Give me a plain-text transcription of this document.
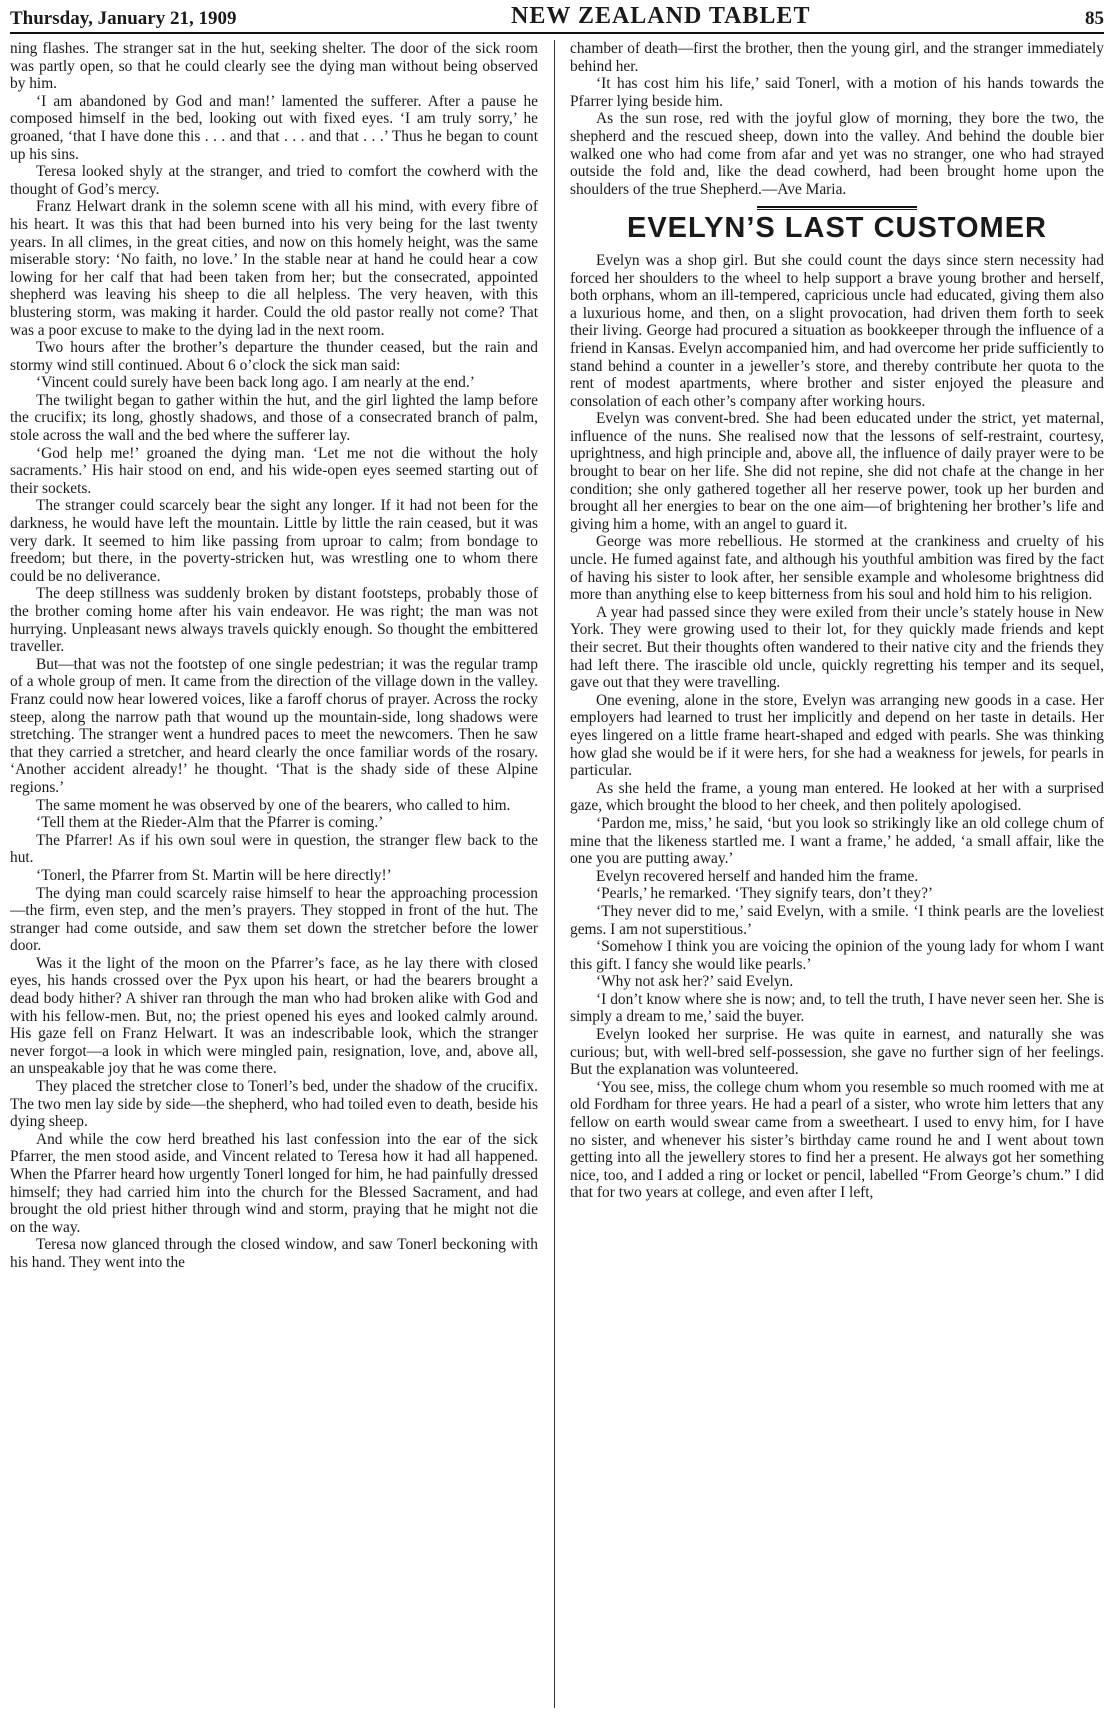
Thursday, January 21, 1909	NEW ZEALAND TABLET	85

ning flashes. The stranger sat in the hut, seeking shelter. The door of the sick room was partly open, so that he could clearly see the dying man without being observed by him.

‘I am abandoned by God and man!’ lamented the sufferer. After a pause he composed himself in the bed, looking out with fixed eyes. ‘I am truly sorry,’ he groaned, ‘that I have done this . . . and that . . . and that . . .’ Thus he began to count up his sins.

Teresa looked shyly at the stranger, and tried to comfort the cowherd with the thought of God’s mercy.

Franz Helwart drank in the solemn scene with all his mind, with every fibre of his heart. It was this that had been burned into his very being for the last twenty years. In all climes, in the great cities, and now on this homely height, was the same miserable story: ‘No faith, no love.’ In the stable near at hand he could hear a cow lowing for her calf that had been taken from her; but the consecrated, appointed shepherd was leaving his sheep to die all helpless. The very heaven, with this blustering storm, was making it harder. Could the old pastor really not come? That was a poor excuse to make to the dying lad in the next room.

Two hours after the brother’s departure the thunder ceased, but the rain and stormy wind still continued. About 6 o’clock the sick man said:

‘Vincent could surely have been back long ago. I am nearly at the end.’

The twilight began to gather within the hut, and the girl lighted the lamp before the crucifix; its long, ghostly shadows, and those of a consecrated branch of palm, stole across the wall and the bed where the sufferer lay.

‘God help me!’ groaned the dying man. ‘Let me not die without the holy sacraments.’ His hair stood on end, and his wide-open eyes seemed starting out of their sockets.

The stranger could scarcely bear the sight any longer. If it had not been for the darkness, he would have left the mountain. Little by little the rain ceased, but it was very dark. It seemed to him like passing from uproar to calm; from bondage to freedom; but there, in the poverty-stricken hut, was wrestling one to whom there could be no deliverance.

The deep stillness was suddenly broken by distant footsteps, probably those of the brother coming home after his vain endeavor. He was right; the man was not hurrying. Unpleasant news always travels quickly enough. So thought the embittered traveller.

But—that was not the footstep of one single pedestrian; it was the regular tramp of a whole group of men. It came from the direction of the village down in the valley. Franz could now hear lowered voices, like a faroff chorus of prayer. Across the rocky steep, along the narrow path that wound up the mountain-side, long shadows were stretching. The stranger went a hundred paces to meet the newcomers. Then he saw that they carried a stretcher, and heard clearly the once familiar words of the rosary. ‘Another accident already!’ he thought. ‘That is the shady side of these Alpine regions.’

The same moment he was observed by one of the bearers, who called to him.

‘Tell them at the Rieder-Alm that the Pfarrer is coming.’

The Pfarrer! As if his own soul were in question, the stranger flew back to the hut.

‘Tonerl, the Pfarrer from St. Martin will be here directly!’

The dying man could scarcely raise himself to hear the approaching procession—the firm, even step, and the men’s prayers. They stopped in front of the hut. The stranger had come outside, and saw them set down the stretcher before the lower door.

Was it the light of the moon on the Pfarrer’s face, as he lay there with closed eyes, his hands crossed over the Pyx upon his heart, or had the bearers brought a dead body hither? A shiver ran through the man who had broken alike with God and with his fellow-men. But, no; the priest opened his eyes and looked calmly around. His gaze fell on Franz Helwart. It was an indescribable look, which the stranger never forgot—a look in which were mingled pain, resignation, love, and, above all, an unspeakable joy that he was come there.

They placed the stretcher close to Tonerl’s bed, under the shadow of the crucifix. The two men lay side by side—the shepherd, who had toiled even to death, beside his dying sheep.

And while the cow herd breathed his last confession into the ear of the sick Pfarrer, the men stood aside, and Vincent related to Teresa how it had all happened. When the Pfarrer heard how urgently Tonerl longed for him, he had painfully dressed himself; they had carried him into the church for the Blessed Sacrament, and had brought the old priest hither through wind and storm, praying that he might not die on the way.

Teresa now glanced through the closed window, and saw Tonerl beckoning with his hand. They went into the

chamber of death—first the brother, then the young girl, and the stranger immediately behind her.

‘It has cost him his life,’ said Tonerl, with a motion of his hands towards the Pfarrer lying beside him.

As the sun rose, red with the joyful glow of morning, they bore the two, the shepherd and the rescued sheep, down into the valley. And behind the double bier walked one who had come from afar and yet was no stranger, one who had strayed outside the fold and, like the dead cowherd, had been brought home upon the shoulders of the true Shepherd.—Ave Maria.

EVELYN’S LAST CUSTOMER

Evelyn was a shop girl. But she could count the days since stern necessity had forced her shoulders to the wheel to help support a brave young brother and herself, both orphans, whom an ill-tempered, capricious uncle had educated, giving them also a luxurious home, and then, on a slight provocation, had driven them forth to seek their living. George had procured a situation as bookkeeper through the influence of a friend in Kansas. Evelyn accompanied him, and had overcome her pride sufficiently to stand behind a counter in a jeweller’s store, and thereby contribute her quota to the rent of modest apartments, where brother and sister enjoyed the pleasure and consolation of each other’s company after working hours.

Evelyn was convent-bred. She had been educated under the strict, yet maternal, influence of the nuns. She realised now that the lessons of self-restraint, courtesy, uprightness, and high principle and, above all, the influence of daily prayer were to be brought to bear on her life. She did not repine, she did not chafe at the change in her condition; she only gathered together all her reserve power, took up her burden and brought all her energies to bear on the one aim—of brightening her brother’s life and giving him a home, with an angel to guard it.

George was more rebellious. He stormed at the crankiness and cruelty of his uncle. He fumed against fate, and although his youthful ambition was fired by the fact of having his sister to look after, her sensible example and wholesome brightness did more than anything else to keep bitterness from his soul and hold him to his religion.

A year had passed since they were exiled from their uncle’s stately house in New York. They were growing used to their lot, for they quickly made friends and kept their secret. But their thoughts often wandered to their native city and the friends they had left there. The irascible old uncle, quickly regretting his temper and its sequel, gave out that they were travelling.

One evening, alone in the store, Evelyn was arranging new goods in a case. Her employers had learned to trust her implicitly and depend on her taste in details. Her eyes lingered on a little frame heart-shaped and edged with pearls. She was thinking how glad she would be if it were hers, for she had a weakness for jewels, for pearls in particular.

As she held the frame, a young man entered. He looked at her with a surprised gaze, which brought the blood to her cheek, and then politely apologised.

‘Pardon me, miss,’ he said, ‘but you look so strikingly like an old college chum of mine that the likeness startled me. I want a frame,’ he added, ‘a small affair, like the one you are putting away.’

Evelyn recovered herself and handed him the frame.

‘Pearls,’ he remarked. ‘They signify tears, don’t they?’

‘They never did to me,’ said Evelyn, with a smile. ‘I think pearls are the loveliest gems. I am not superstitious.’

‘Somehow I think you are voicing the opinion of the young lady for whom I want this gift. I fancy she would like pearls.’

‘Why not ask her?’ said Evelyn.

‘I don’t know where she is now; and, to tell the truth, I have never seen her. She is simply a dream to me,’ said the buyer.

Evelyn looked her surprise. He was quite in earnest, and naturally she was curious; but, with well-bred self-possession, she gave no further sign of her feelings. But the explanation was volunteered.

‘You see, miss, the college chum whom you resemble so much roomed with me at old Fordham for three years. He had a pearl of a sister, who wrote him letters that any fellow on earth would swear came from a sweetheart. I used to envy him, for I have no sister, and whenever his sister’s birthday came round he and I went about town getting into all the jewellery stores to find her a present. He always got her something nice, too, and I added a ring or locket or pencil, labelled “From George’s chum.” I did that for two years at college, and even after I left,
